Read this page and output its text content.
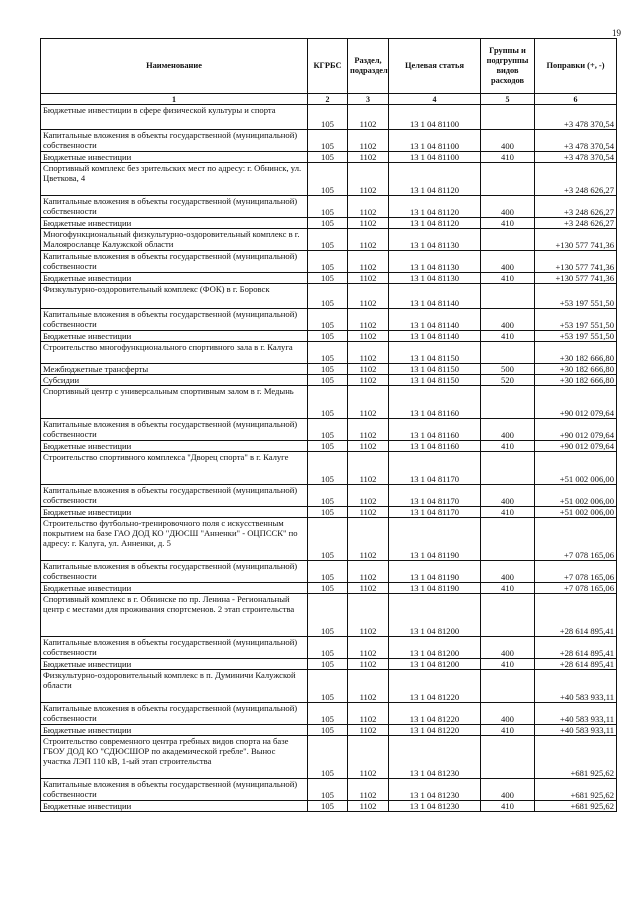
19
Наименование	КГРБС	Раздел, подраздел	Целевая статья	Группы и подгруппы видов расходов	Поправки (+, -)
1	2	3	4	5	6
Бюджетные инвестиции в сфере физической культуры и спорта	105	1102	13 1 04 81100		+3 478 370,54
Капитальные вложения в объекты государственной (муниципальной) собственности	105	1102	13 1 04 81100	400	+3 478 370,54
Бюджетные инвестиции	105	1102	13 1 04 81100	410	+3 478 370,54
Спортивный комплекс без зрительских мест по адресу: г. Обнинск, ул. Цветкова, 4	105	1102	13 1 04 81120		+3 248 626,27
Капитальные вложения в объекты государственной (муниципальной) собственности	105	1102	13 1 04 81120	400	+3 248 626,27
Бюджетные инвестиции	105	1102	13 1 04 81120	410	+3 248 626,27
Многофункциональный физкультурно-оздоровительный комплекс в г. Малоярославце Калужской области	105	1102	13 1 04 81130		+130 577 741,36
Капитальные вложения в объекты государственной (муниципальной) собственности	105	1102	13 1 04 81130	400	+130 577 741,36
Бюджетные инвестиции	105	1102	13 1 04 81130	410	+130 577 741,36
Физкультурно-оздоровительный комплекс (ФОК) в г. Боровск	105	1102	13 1 04 81140		+53 197 551,50
Капитальные вложения в объекты государственной (муниципальной) собственности	105	1102	13 1 04 81140	400	+53 197 551,50
Бюджетные инвестиции	105	1102	13 1 04 81140	410	+53 197 551,50
Строительство многофункционального спортивного зала в г. Калуга	105	1102	13 1 04 81150		+30 182 666,80
Межбюджетные трансферты	105	1102	13 1 04 81150	500	+30 182 666,80
Субсидии	105	1102	13 1 04 81150	520	+30 182 666,80
Спортивный центр с универсальным спортивным залом в г. Медынь	105	1102	13 1 04 81160		+90 012 079,64
Капитальные вложения в объекты государственной (муниципальной) собственности	105	1102	13 1 04 81160	400	+90 012 079,64
Бюджетные инвестиции	105	1102	13 1 04 81160	410	+90 012 079,64
Строительство спортивного комплекса "Дворец спорта" в г. Калуге	105	1102	13 1 04 81170		+51 002 006,00
Капитальные вложения в объекты государственной (муниципальной) собственности	105	1102	13 1 04 81170	400	+51 002 006,00
Бюджетные инвестиции	105	1102	13 1 04 81170	410	+51 002 006,00
Строительство футбольно-тренировочного поля с искусственным покрытием на базе ГАО ДОД КО "ДЮСШ "Анненки" - ОЦПССК" по адресу: г. Калуга, ул. Анненки, д. 5	105	1102	13 1 04 81190		+7 078 165,06
Капитальные вложения в объекты государственной (муниципальной) собственности	105	1102	13 1 04 81190	400	+7 078 165,06
Бюджетные инвестиции	105	1102	13 1 04 81190	410	+7 078 165,06
Спортивный комплекс в г. Обнинске по пр. Ленина - Региональный центр с местами для проживания спортсменов. 2 этап строительства	105	1102	13 1 04 81200		+28 614 895,41
Капитальные вложения в объекты государственной (муниципальной) собственности	105	1102	13 1 04 81200	400	+28 614 895,41
Бюджетные инвестиции	105	1102	13 1 04 81200	410	+28 614 895,41
Физкультурно-оздоровительный комплекс в п. Думиничи Калужской области	105	1102	13 1 04 81220		+40 583 933,11
Капитальные вложения в объекты государственной (муниципальной) собственности	105	1102	13 1 04 81220	400	+40 583 933,11
Бюджетные инвестиции	105	1102	13 1 04 81220	410	+40 583 933,11
Строительство современного центра гребных видов спорта на базе ГБОУ ДОД КО "СДЮСШОР по академической гребле". Вынос участка ЛЭП 110 кВ, 1-ый этап строительства	105	1102	13 1 04 81230		+681 925,62
Капитальные вложения в объекты государственной (муниципальной) собственности	105	1102	13 1 04 81230	400	+681 925,62
Бюджетные инвестиции	105	1102	13 1 04 81230	410	+681 925,62
